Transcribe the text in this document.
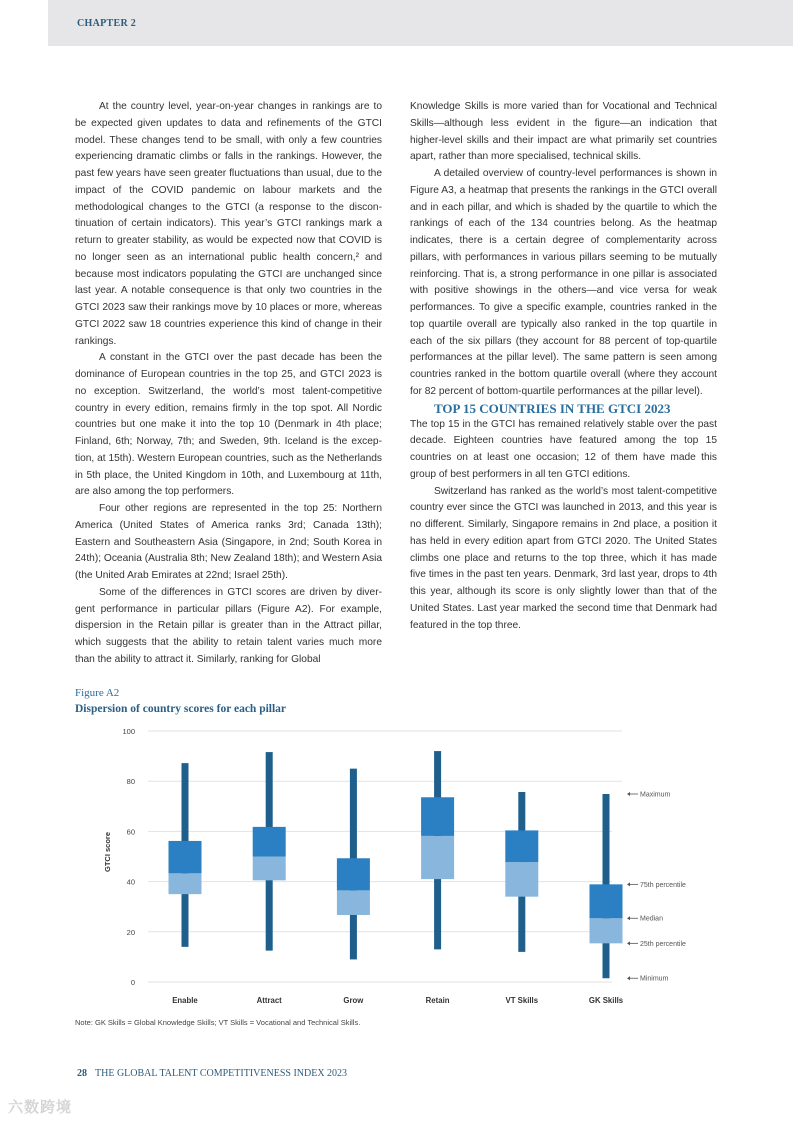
CHAPTER 2

At the country level, year-on-year changes in rankings are to be expected given updates to data and refinements of the GTCI model. These changes tend to be small, with only a few countries experiencing dramatic climbs or falls in the rankings. However, the past few years have seen greater fluctuations than usual, due to the impact of the COVID pandemic on labour markets and the methodological changes to the GTCI (a response to the discontinuation of certain indicators). This year’s GTCI rankings mark a return to greater stability, as would be expected now that COVID is no longer seen as an international public health concern,² and because most indicators populating the GTCI are unchanged since last year. A notable consequence is that only two countries in the GTCI 2023 saw their rankings move by 10 places or more, whereas GTCI 2022 saw 18 countries experience this kind of change in their rankings.

A constant in the GTCI over the past decade has been the dominance of European countries in the top 25, and GTCI 2023 is no exception. Switzerland, the world’s most talent-competitive country in every edition, remains firmly in the top spot. All Nordic countries but one make it into the top 10 (Denmark in 4th place; Finland, 6th; Norway, 7th; and Sweden, 9th. Iceland is the exception, at 15th). Western European countries, such as the Netherlands in 5th place, the United Kingdom in 10th, and Luxembourg at 11th, are also among the top performers.

Four other regions are represented in the top 25: Northern America (United States of America ranks 3rd; Canada 13th); Eastern and Southeastern Asia (Singapore, in 2nd; South Korea in 24th); Oceania (Australia 8th; New Zealand 18th); and Western Asia (the United Arab Emirates at 22nd; Israel 25th).

Some of the differences in GTCI scores are driven by divergent performance in particular pillars (Figure A2). For example, dispersion in the Retain pillar is greater than in the Attract pillar, which suggests that the ability to retain talent varies much more than the ability to attract it. Similarly, ranking for Global

Knowledge Skills is more varied than for Vocational and Technical Skills—although less evident in the figure—an indication that higher-level skills and their impact are what primarily set countries apart, rather than more specialised, technical skills.

A detailed overview of country-level performances is shown in Figure A3, a heatmap that presents the rankings in the GTCI overall and in each pillar, and which is shaded by the quartile to which the rankings of each of the 134 countries belong. As the heatmap indicates, there is a certain degree of complementarity across pillars, with performances in various pillars seeming to be mutually reinforcing. That is, a strong performance in one pillar is associated with positive showings in the others—and vice versa for weak performances. To give a specific example, countries ranked in the top quartile overall are typically also ranked in the top quartile in each of the six pillars (they account for 88 percent of top-quartile performances at the pillar level). The same pattern is seen among countries ranked in the bottom quartile overall (where they account for 82 percent of bottom-quartile performances at the pillar level).

TOP 15 COUNTRIES IN THE GTCI 2023

The top 15 in the GTCI has remained relatively stable over the past decade. Eighteen countries have featured among the top 15 countries on at least one occasion; 12 of them have made this group of best performers in all ten GTCI editions.

Switzerland has ranked as the world’s most talent-competitive country ever since the GTCI was launched in 2013, and this year is no different. Similarly, Singapore remains in 2nd place, a position it has held in every edition apart from GTCI 2020. The United States climbs one place and returns to the top three, which it has made five times in the past ten years. Denmark, 3rd last year, drops to 4th this year, although its score is only slightly lower than that of the United States. Last year marked the second time that Denmark had featured in the top three.

Figure A2
Dispersion of country scores for each pillar
0
20
40
60
80
100
Enable	Attract	Grow	Retain	VT Skills	GK Skills
Maximum
75th percentile
Median
25th percentile
Minimum
GTCI score
Note: GK Skills = Global Knowledge Skills; VT Skills = Vocational and Technical Skills.
28 THE GLOBAL TALENT COMPETITIVENESS INDEX 2023
六数跨境
